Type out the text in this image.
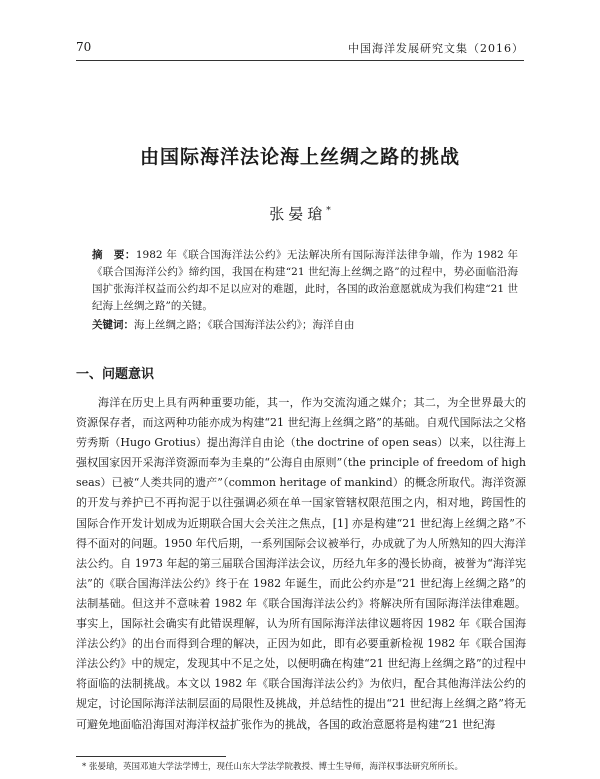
70	中国海洋发展研究文集（2016）
由国际海洋法论海上丝绸之路的挑战
张晏瑲*

摘　要：1982 年《联合国海洋法公约》无法解决所有国际海洋法律争端，作为 1982 年《联合国海洋公约》缔约国，我国在构建“21 世纪海上丝绸之路”的过程中，势必面临沿海国扩张海洋权益而公约却不足以应对的难题，此时，各国的政治意愿就成为我们构建“21 世纪海上丝绸之路”的关键。

关键词：海上丝绸之路；《联合国海洋法公约》；海洋自由

一、问题意识

海洋在历史上具有两种重要功能，其一，作为交流沟通之媒介；其二，为全世界最大的资源保存者，而这两种功能亦成为构建“21 世纪海上丝绸之路”的基础。自观代国际法之父格劳秀斯（Hugo Grotius）提出海洋自由论（the doctrine of open seas）以来，以往海上强权国家因开采海洋资源而奉为圭臬的“公海自由原则”（the principle of freedom of high seas）已被“人类共同的遗产”（common heritage of mankind）的概念所取代。海洋资源的开发与养护已不再拘泥于以往强调必须在单一国家管辖权限范围之内，相对地，跨国性的国际合作开发计划成为近期联合国大会关注之焦点，[1] 亦是构建“21 世纪海上丝绸之路”不得不面对的问题。1950 年代后期，一系列国际会议被举行，办成就了为人所熟知的四大海洋法公约。自 1973 年起的第三届联合国海洋法会议，历经九年多的漫长协商，被誉为“海洋宪法”的《联合国海洋法公约》终于在 1982 年诞生，而此公约亦是“21 世纪海上丝绸之路”的法制基础。但这并不意味着 1982 年《联合国海洋法公约》将解决所有国际海洋法律难题。事实上，国际社会确实有此错误理解，认为所有国际海洋法律议题将因 1982 年《联合国海洋法公约》的出台而得到合理的解决，正因为如此，即有必要重新检视 1982 年《联合国海洋法公约》中的规定，发现其中不足之处，以便明确在构建“21 世纪海上丝绸之路”的过程中将面临的法制挑战。本文以 1982 年《联合国海洋法公约》为依归，配合其他海洋法公约的规定，讨论国际海洋法制层面的局限性及挑战，并总结性的提出“21 世纪海上丝绸之路”将无可避免地面临沿海国对海洋权益扩张作为的挑战，各国的政治意愿将是构建“21 世纪海

* 张晏瑲，英国邓迪大学法学博士，现任山东大学法学院教授、博士生导师，海洋权事法研究所所长。
